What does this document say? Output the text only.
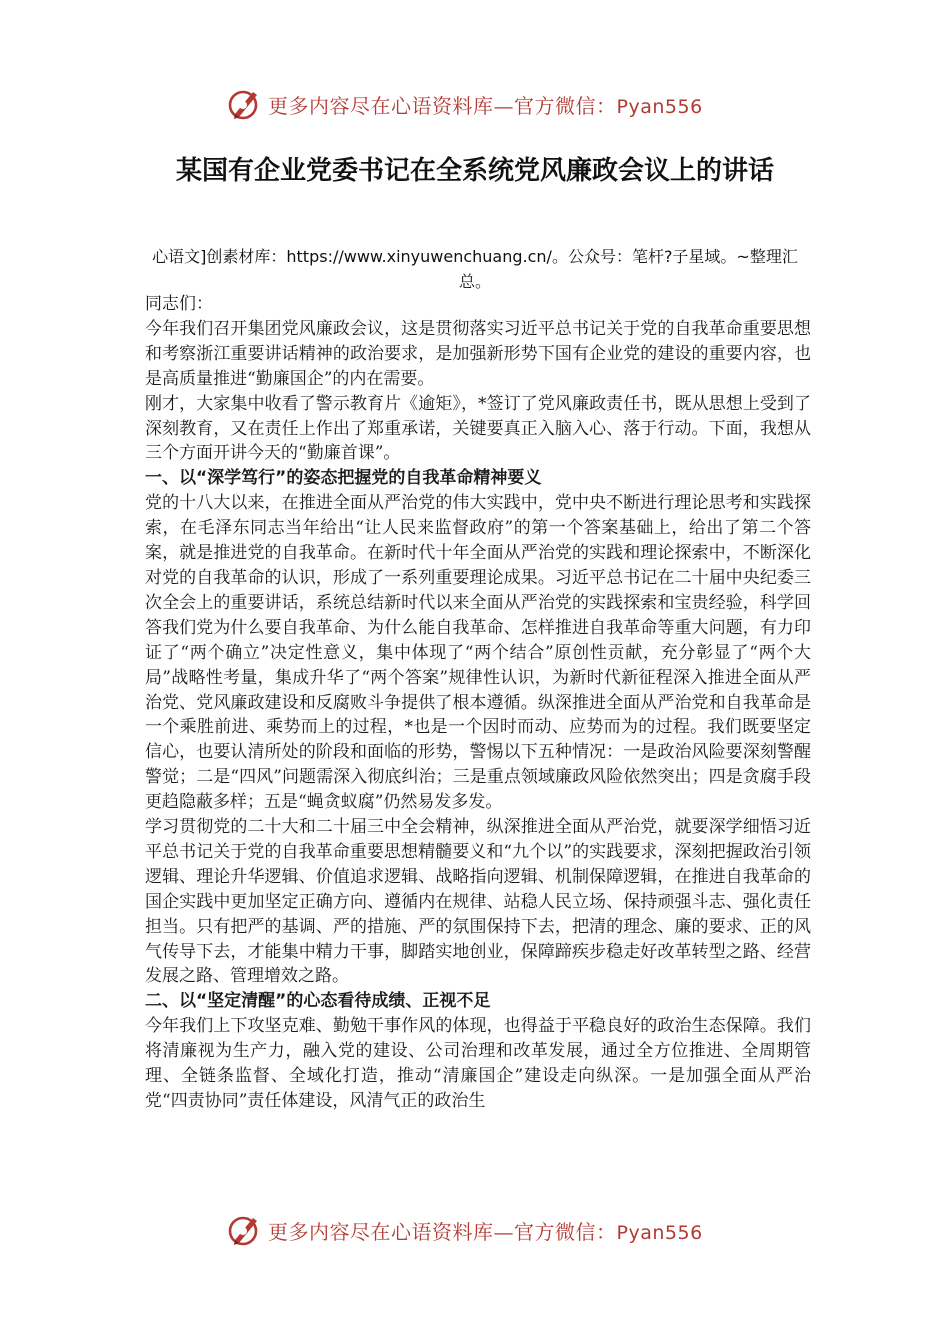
更多内容尽在心语资料库—官方微信：Pyan556
某国有企业党委书记在全系统党风廉政会议上的讲话
心语文]创素材库：https://www.xinyuwenchuang.cn/。公众号：笔杆?子星域。~整理汇总。

同志们：

今年我们召开集团党风廉政会议，这是贯彻落实习近平总书记关于党的自我革命重要思想和考察浙江重要讲话精神的政治要求，是加强新形势下国有企业党的建设的重要内容，也是高质量推进“勤廉国企”的内在需要。

刚才，大家集中收看了警示教育片《逾矩》，*签订了党风廉政责任书，既从思想上受到了深刻教育，又在责任上作出了郑重承诺，关键要真正入脑入心、落于行动。下面，我想从三个方面开讲今天的“勤廉首课”。

一、以“深学笃行”的姿态把握党的自我革命精神要义

党的十八大以来，在推进全面从严治党的伟大实践中，党中央不断进行理论思考和实践探索，在毛泽东同志当年给出“让人民来监督政府”的第一个答案基础上，给出了第二个答案，就是推进党的自我革命。在新时代十年全面从严治党的实践和理论探索中，不断深化对党的自我革命的认识，形成了一系列重要理论成果。习近平总书记在二十届中央纪委三次全会上的重要讲话，系统总结新时代以来全面从严治党的实践探索和宝贵经验，科学回答我们党为什么要自我革命、为什么能自我革命、怎样推进自我革命等重大问题，有力印证了“两个确立”决定性意义，集中体现了“两个结合”原创性贡献，充分彰显了“两个大局”战略性考量，集成升华了“两个答案”规律性认识，为新时代新征程深入推进全面从严治党、党风廉政建设和反腐败斗争提供了根本遵循。纵深推进全面从严治党和自我革命是一个乘胜前进、乘势而上的过程，*也是一个因时而动、应势而为的过程。我们既要坚定信心，也要认清所处的阶段和面临的形势，警惕以下五种情况：一是政治风险要深刻警醒警觉；二是“四风”问题需深入彻底纠治；三是重点领域廉政风险依然突出；四是贪腐手段更趋隐蔽多样；五是“蝇贪蚁腐”仍然易发多发。

学习贯彻党的二十大和二十届三中全会精神，纵深推进全面从严治党，就要深学细悟习近平总书记关于党的自我革命重要思想精髓要义和“九个以”的实践要求，深刻把握政治引领逻辑、理论升华逻辑、价值追求逻辑、战略指向逻辑、机制保障逻辑，在推进自我革命的国企实践中更加坚定正确方向、遵循内在规律、站稳人民立场、保持顽强斗志、强化责任担当。只有把严的基调、严的措施、严的氛围保持下去，把清的理念、廉的要求、正的风气传导下去，才能集中精力干事，脚踏实地创业，保障蹄疾步稳走好改革转型之路、经营发展之路、管理增效之路。

二、以“坚定清醒”的心态看待成绩、正视不足

今年我们上下攻坚克难、勤勉干事作风的体现，也得益于平稳良好的政治生态保障。我们将清廉视为生产力，融入党的建设、公司治理和改革发展，通过全方位推进、全周期管理、全链条监督、全域化打造，推动“清廉国企”建设走向纵深。一是加强全面从严治党“四责协同”责任体建设，风清气正的政治生

更多内容尽在心语资料库—官方微信：Pyan556
